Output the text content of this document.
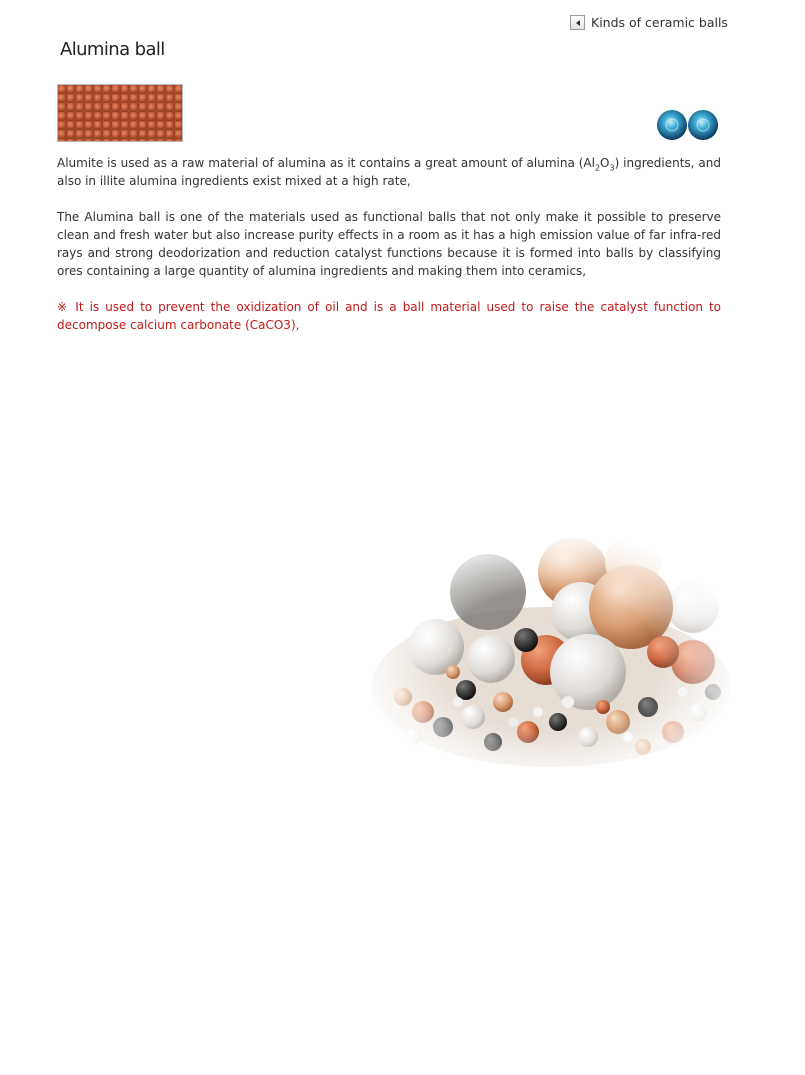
Kinds of ceramic balls
Alumina ball

Alumite is used as a raw material of alumina as it contains a great amount of alumina $(Al_2O_3)$ ingredients, and also in illite alumina ingredients exist mixed at a high rate,

The Alumina ball is one of the materials used as functional balls that not only make it possible to preserve clean and fresh water but also increase purity effects in a room as it has a high emission value of far infra-red rays and strong deodorization and reduction catalyst functions because it is formed into balls by classifying ores containing a large quantity of alumina ingredients and making them into ceramics,

※ It is used to prevent the oxidization of oil and is a ball material used to raise the catalyst function to decompose calcium carbonate (CaCO3),
